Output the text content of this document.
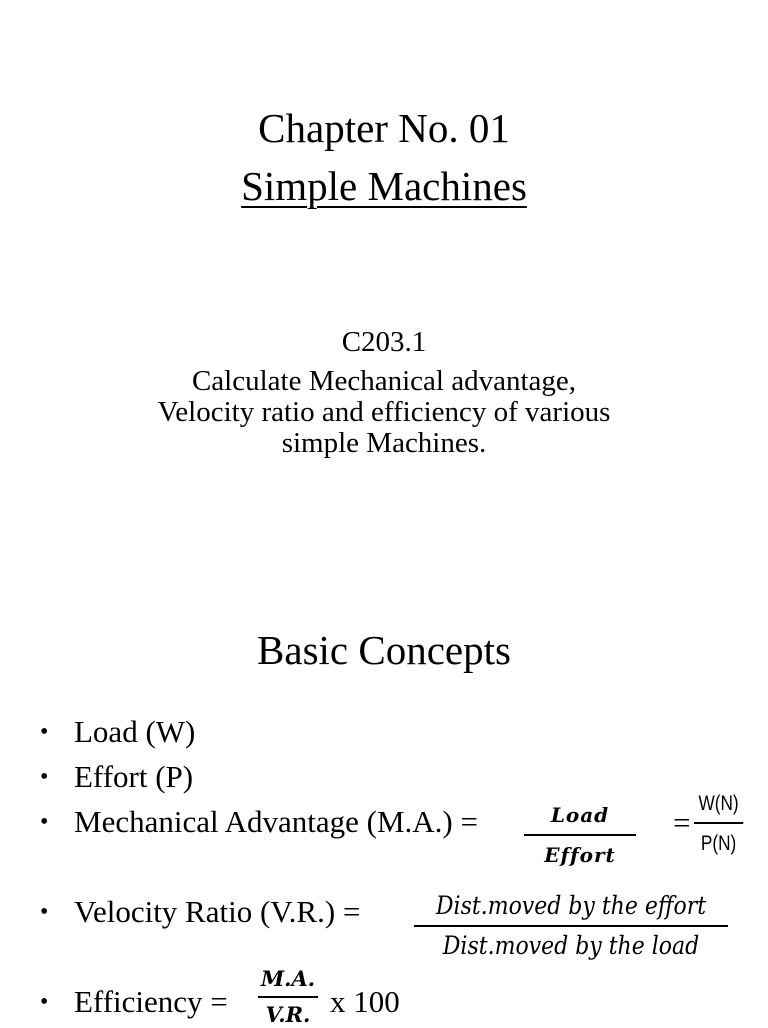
Chapter No. 01
Simple Machines
C203.1
Calculate Mechanical advantage,
Velocity ratio and efficiency of various
simple Machines.
Basic Concepts
• Load (W)
• Effort (P)
• Mechanical Advantage (M.A.) =	Load
Effort
=
W(N)
P(N)
• Velocity Ratio (V.R.) =	Dist.moved by the effort
Dist.moved by the load
• Efficiency =
M.A.
V.R. x 100
